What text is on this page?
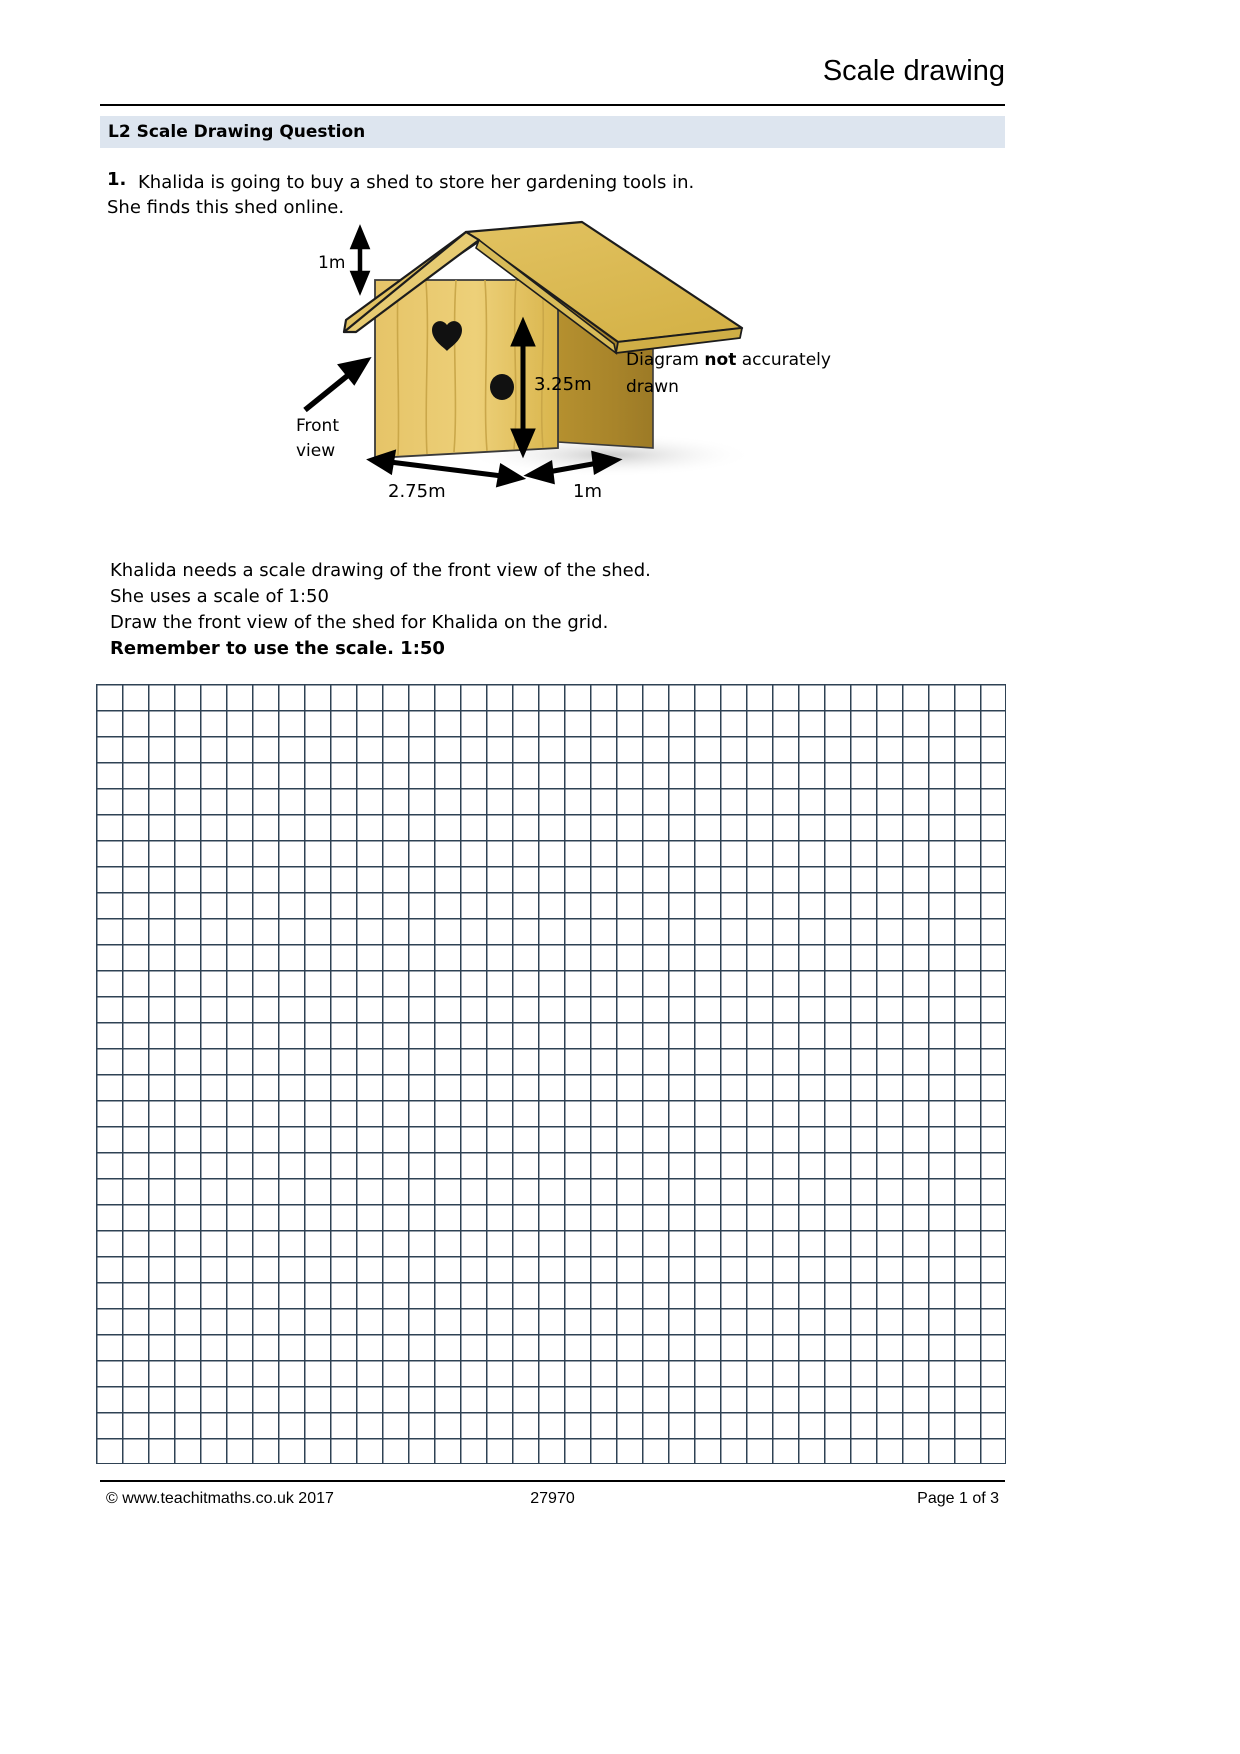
Scale drawing
L2 Scale Drawing Question
1. Khalida is going to buy a shed to store her gardening tools in.
She finds this shed online.
1m
3.25m
2.75m	1m
Front
view
Diagram not accurately
drawn
Khalida needs a scale drawing of the front view of the shed.
She uses a scale of 1:50
Draw the front view of the shed for Khalida on the grid.
Remember to use the scale. 1:50
© www.teachitmaths.co.uk 2017	27970	Page 1 of 3
